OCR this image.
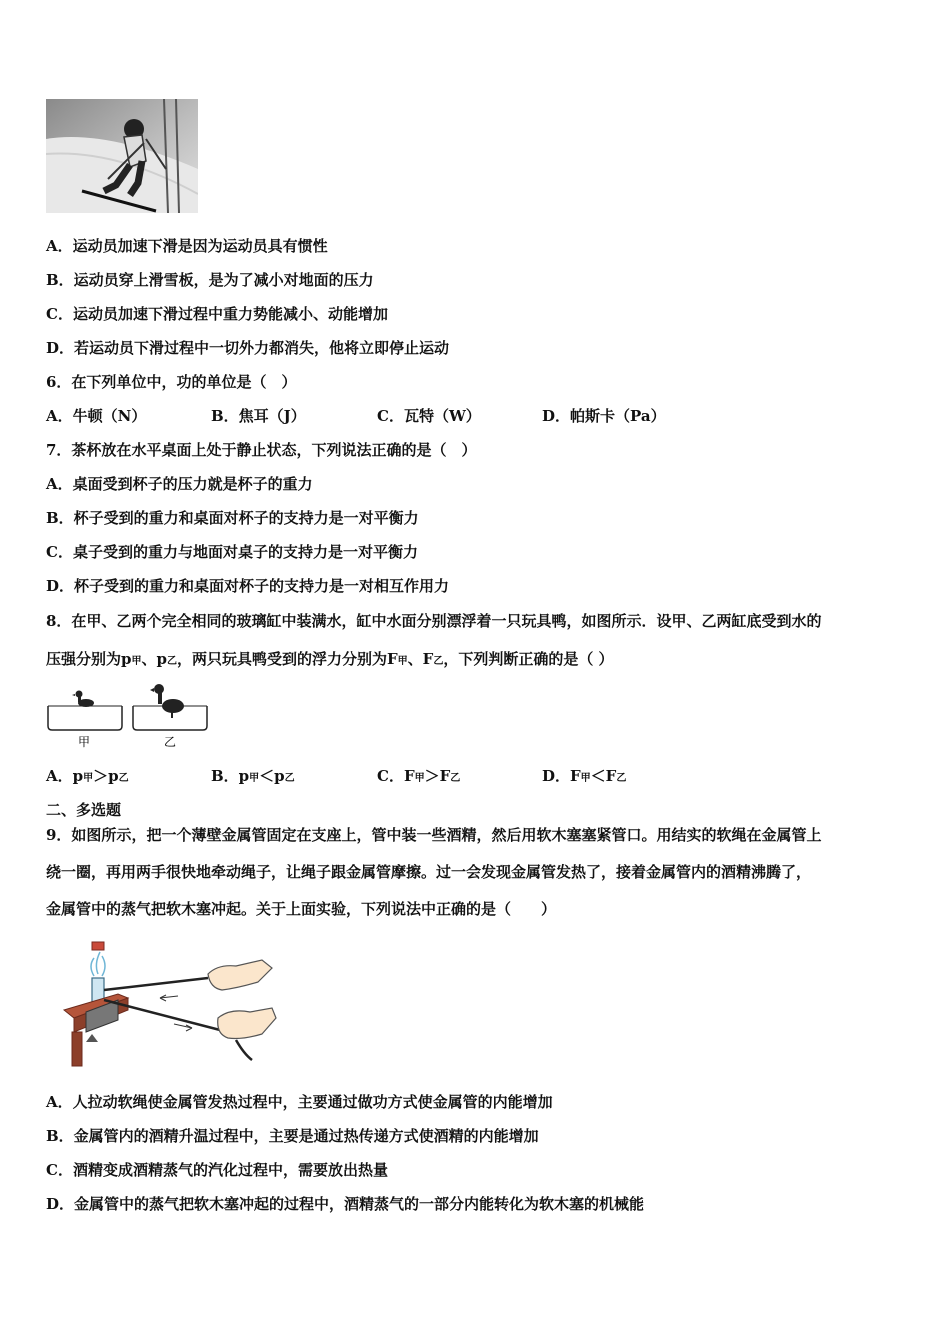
A．运动员加速下滑是因为运动员具有惯性
B．运动员穿上滑雪板，是为了减小对地面的压力
C．运动员加速下滑过程中重力势能减小、动能增加
D．若运动员下滑过程中一切外力都消失，他将立即停止运动
6．在下列单位中，功的单位是（　）
A．牛顿（N）	B．焦耳（J）	C．瓦特（W）	D．帕斯卡（Pa）
7．茶杯放在水平桌面上处于静止状态，下列说法正确的是（　）
A．桌面受到杯子的压力就是杯子的重力
B．杯子受到的重力和桌面对杯子的支持力是一对平衡力
C．桌子受到的重力与地面对桌子的支持力是一对平衡力
D．杯子受到的重力和桌面对杯子的支持力是一对相互作用力
8．在甲、乙两个完全相同的玻璃缸中装满水，缸中水面分别漂浮着一只玩具鸭，如图所示．设甲、乙两缸底受到水的
压强分别为p甲、p乙，两只玩具鸭受到的浮力分别为F甲、F乙，下列判断正确的是（ ）
甲	乙
A．p甲＞p乙	B．p甲＜p乙	C．F甲＞F乙	D．F甲＜F乙
二、多选题
9．如图所示，把一个薄壁金属管固定在支座上，管中装一些酒精，然后用软木塞塞紧管口。用结实的软绳在金属管上
绕一圈，再用两手很快地牵动绳子，让绳子跟金属管摩擦。过一会发现金属管发热了，接着金属管内的酒精沸腾了，
金属管中的蒸气把软木塞冲起。关于上面实验，下列说法中正确的是（　　）
A．人拉动软绳使金属管发热过程中，主要通过做功方式使金属管的内能增加
B．金属管内的酒精升温过程中，主要是通过热传递方式使酒精的内能增加
C．酒精变成酒精蒸气的汽化过程中，需要放出热量
D．金属管中的蒸气把软木塞冲起的过程中，酒精蒸气的一部分内能转化为软木塞的机械能
